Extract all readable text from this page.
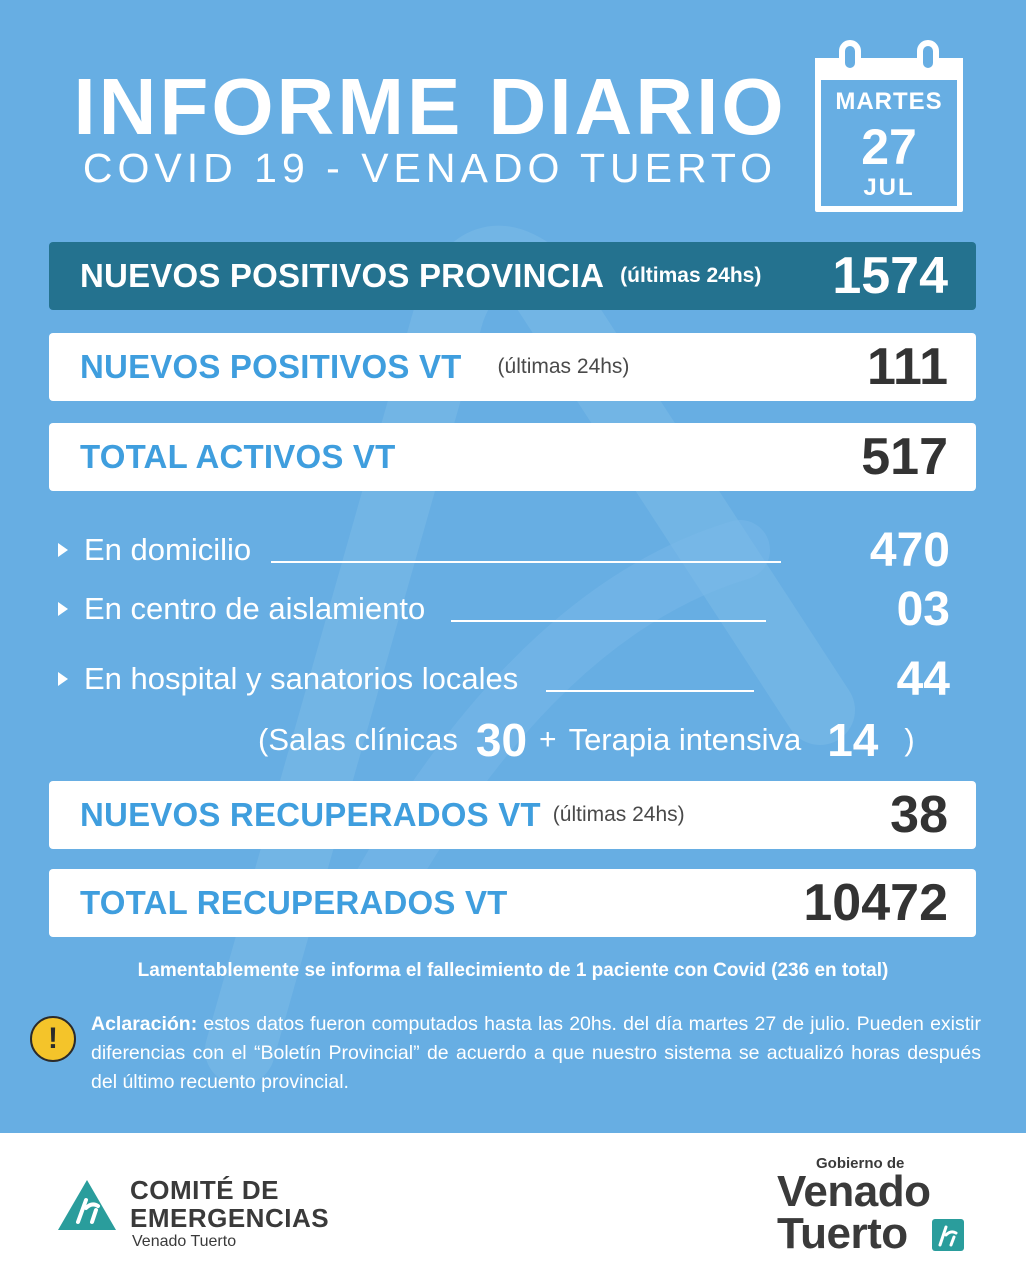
INFORME DIARIO
COVID 19 - VENADO TUERTO
MARTES
27
JUL
NUEVOS POSITIVOS PROVINCIA (últimas 24hs) 1574
NUEVOS POSITIVOS VT (últimas 24hs)	111
TOTAL ACTIVOS VT	517
En domicilio	470
En centro de aislamiento	03
En hospital y sanatorios locales	44
( Salas clínicas 30 + Terapia intensiva 14 )
NUEVOS RECUPERADOS VT (últimas 24hs)	38
TOTAL RECUPERADOS VT	10472
Lamentablemente se informa el fallecimiento de 1 paciente con Covid (236 en total)
!	Aclaración: estos datos fueron computados hasta las 20hs. del día martes 27 de julio. Pueden existir diferencias con el “Boletín Provincial” de acuerdo a que nuestro sistema se actualizó horas después del último recuento provincial.
COMITÉ DE
EMERGENCIAS
Venado Tuerto
Gobierno de
Venado
Tuerto
